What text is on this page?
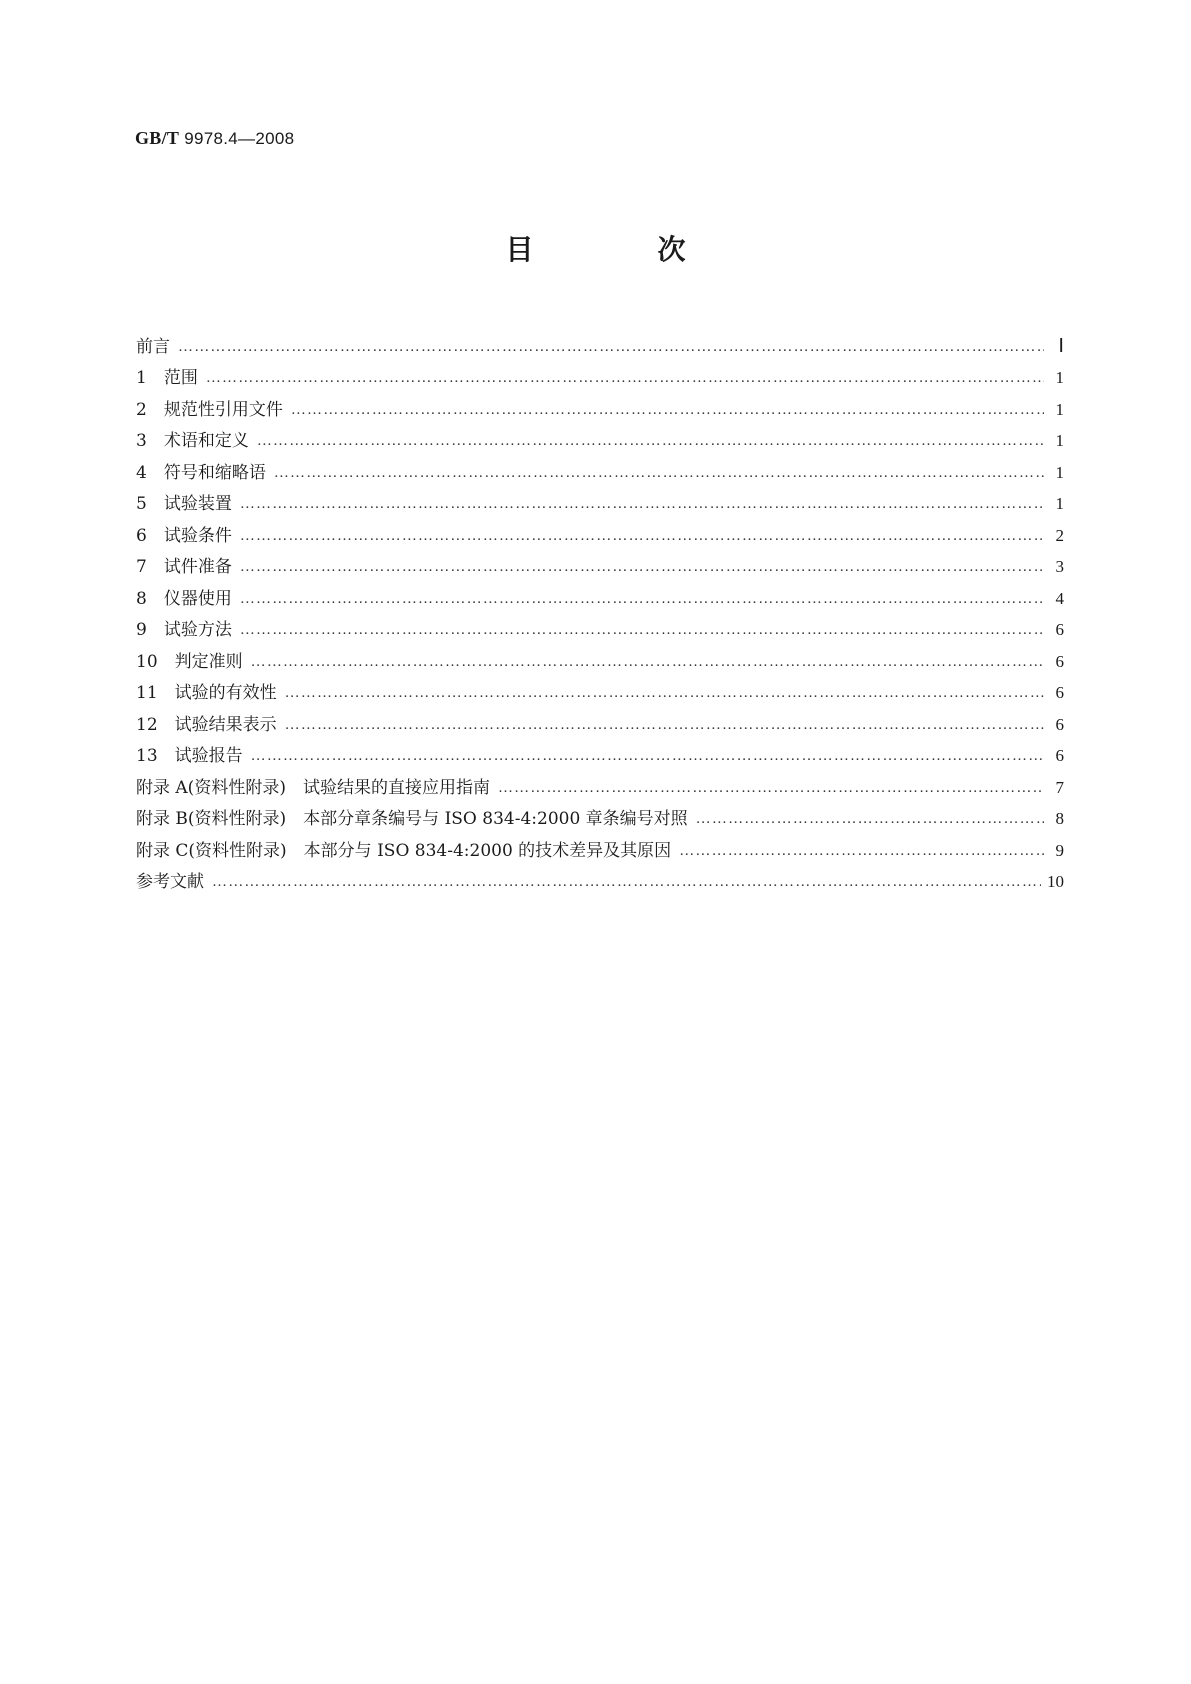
GB/T 9978.4—2008
目　次
前言 ………………………………………………………………………………………………………………………………………………………………………………………………………………	Ⅰ
1　范围 ………………………………………………………………………………………………………………………………………………………………………………………………………………	1
2　规范性引用文件 ………………………………………………………………………………………………………………………………………………………………………………………………………………	1
3　术语和定义 ………………………………………………………………………………………………………………………………………………………………………………………………………………	1
4　符号和缩略语 ………………………………………………………………………………………………………………………………………………………………………………………………………………	1
5　试验装置 ………………………………………………………………………………………………………………………………………………………………………………………………………………	1
6　试验条件 ………………………………………………………………………………………………………………………………………………………………………………………………………………	2
7　试件准备 ………………………………………………………………………………………………………………………………………………………………………………………………………………	3
8　仪器使用 ………………………………………………………………………………………………………………………………………………………………………………………………………………	4
9　试验方法 ………………………………………………………………………………………………………………………………………………………………………………………………………………	6
10　判定准则 ………………………………………………………………………………………………………………………………………………………………………………………………………………	6
11　试验的有效性 ………………………………………………………………………………………………………………………………………………………………………………………………………………	6
12　试验结果表示 ………………………………………………………………………………………………………………………………………………………………………………………………………………	6
13　试验报告 ………………………………………………………………………………………………………………………………………………………………………………………………………………	6
附录 A(资料性附录)　试验结果的直接应用指南 ………………………………………………………………………………………………………………………………………………………………………………………………………………	7
附录 B(资料性附录)　本部分章条编号与 ISO 834-4:2000 章条编号对照 ………………………………………………………………………………………………………………………………………………………………………………………………………………	8
附录 C(资料性附录)　本部分与 ISO 834-4:2000 的技术差异及其原因 ………………………………………………………………………………………………………………………………………………………………………………………………………………	9
参考文献 ………………………………………………………………………………………………………………………………………………………………………………………………………………	10
